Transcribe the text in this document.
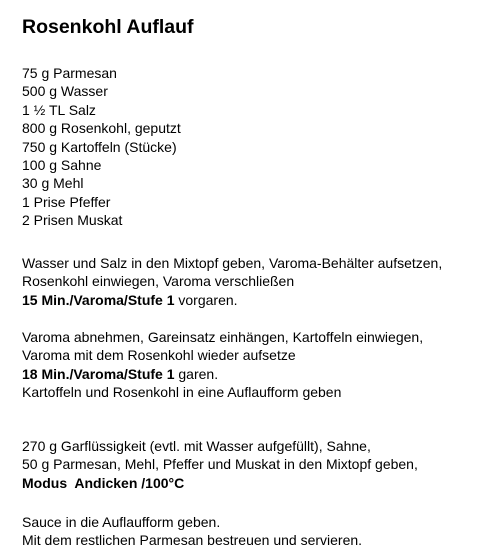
Rosenkohl Auflauf
75 g Parmesan
500 g Wasser
1 ½ TL Salz
800 g Rosenkohl, geputzt
750 g Kartoffeln (Stücke)
100 g Sahne
30 g Mehl
1 Prise Pfeffer
2 Prisen Muskat
Wasser und Salz in den Mixtopf geben, Varoma-Behälter aufsetzen,
Rosenkohl einwiegen, Varoma verschließen
15 Min./Varoma/Stufe 1 vorgaren.
Varoma abnehmen, Gareinsatz einhängen, Kartoffeln einwiegen,
Varoma mit dem Rosenkohl wieder aufsetze
18 Min./Varoma/Stufe 1 garen.
Kartoffeln und Rosenkohl in eine Auflaufform geben
270 g Garflüssigkeit (evtl. mit Wasser aufgefüllt), Sahne,
50 g Parmesan, Mehl, Pfeffer und Muskat in den Mixtopf geben,
Modus  Andicken /100°C
Sauce in die Auflaufform geben.
Mit dem restlichen Parmesan bestreuen und servieren.
